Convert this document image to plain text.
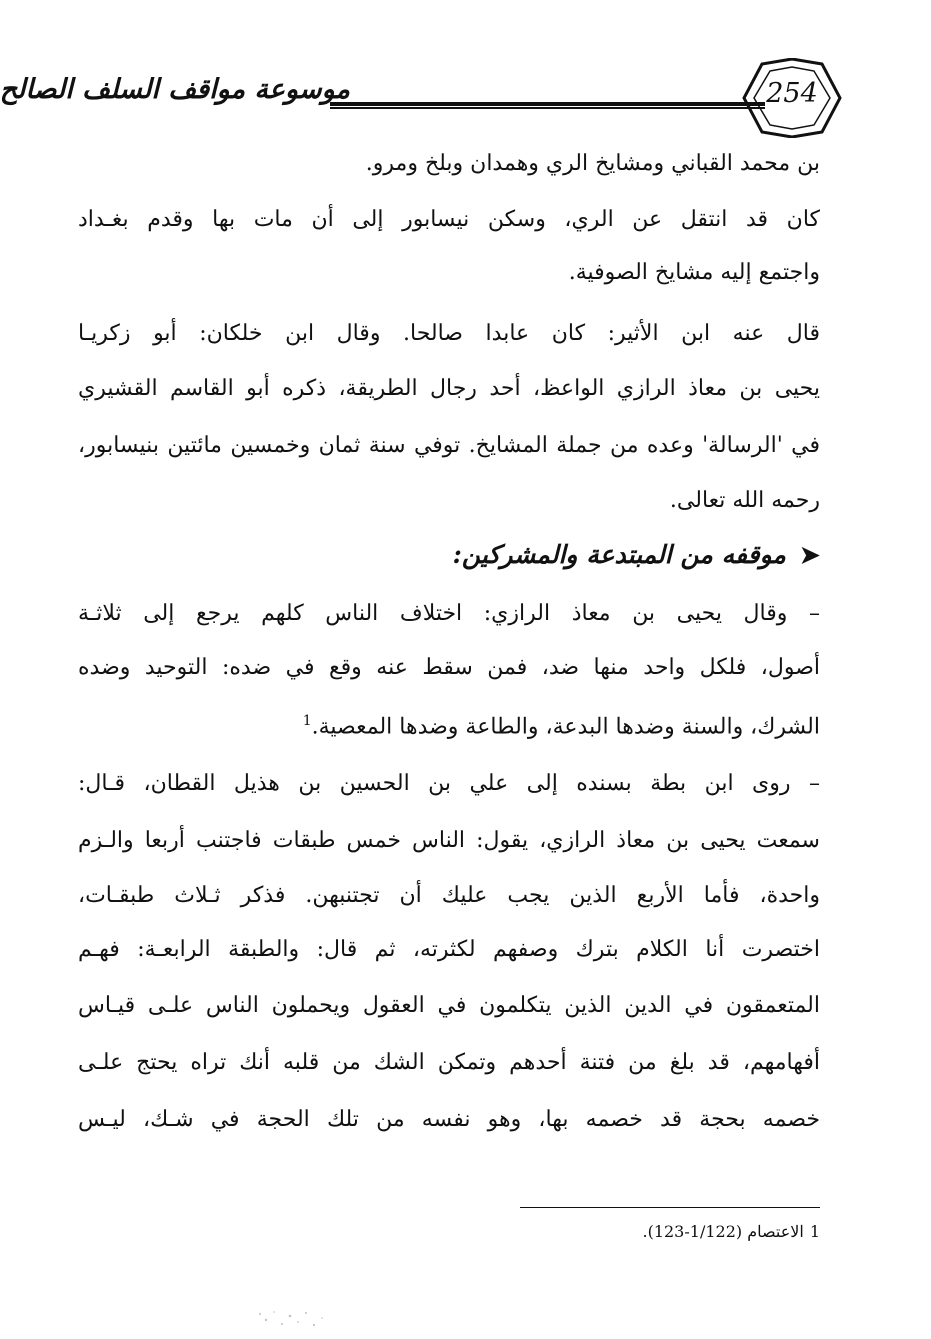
موسوعة مواقف السلف الصالح	254
بن محمد القباني ومشايخ الري وهمدان وبلخ ومرو.
كان قد انتقل عن الري، وسكن نيسابور إلى أن مات بها وقدم بغـداد
واجتمع إليه مشايخ الصوفية.
قال عنه ابن الأثير: كان عابدا صالحا. وقال ابن خلكان: أبو زكريـا
يحيى بن معاذ الرازي الواعظ، أحد رجال الطريقة، ذكره أبو القاسم القشيري
في 'الرسالة' وعده من جملة المشايخ. توفي سنة ثمان وخمسين مائتين بنيسابور،
رحمه الله تعالى.
➤موقفه من المبتدعة والمشركين:
– وقال يحيى بن معاذ الرازي: اختلاف الناس كلهم يرجع إلى ثلاثـة
أصول، فلكل واحد منها ضد، فمن سقط عنه وقع في ضده: التوحيد وضده
الشرك، والسنة وضدها البدعة، والطاعة وضدها المعصية.$^1$
– روى ابن بطة بسنده إلى علي بن الحسين بن هذيل القطان، قـال:
سمعت يحيى بن معاذ الرازي، يقول: الناس خمس طبقات فاجتنب أربعا والـزم
واحدة، فأما الأربع الذين يجب عليك أن تجتنبهن. فذكر ثـلاث طبقـات،
اختصرت أنا الكلام بترك وصفهم لكثرته، ثم قال: والطبقة الرابعـة: فهـم
المتعمقون في الدين الذين يتكلمون في العقول ويحملون الناس علـى قيـاس
أفهامهم، قد بلغ من فتنة أحدهم وتمكن الشك من قلبه أنك تراه يحتج علـى
خصمه بحجة قد خصمه بها، وهو نفسه من تلك الحجة في شـك، ليـس
1الاعتصام (1/122-123).
